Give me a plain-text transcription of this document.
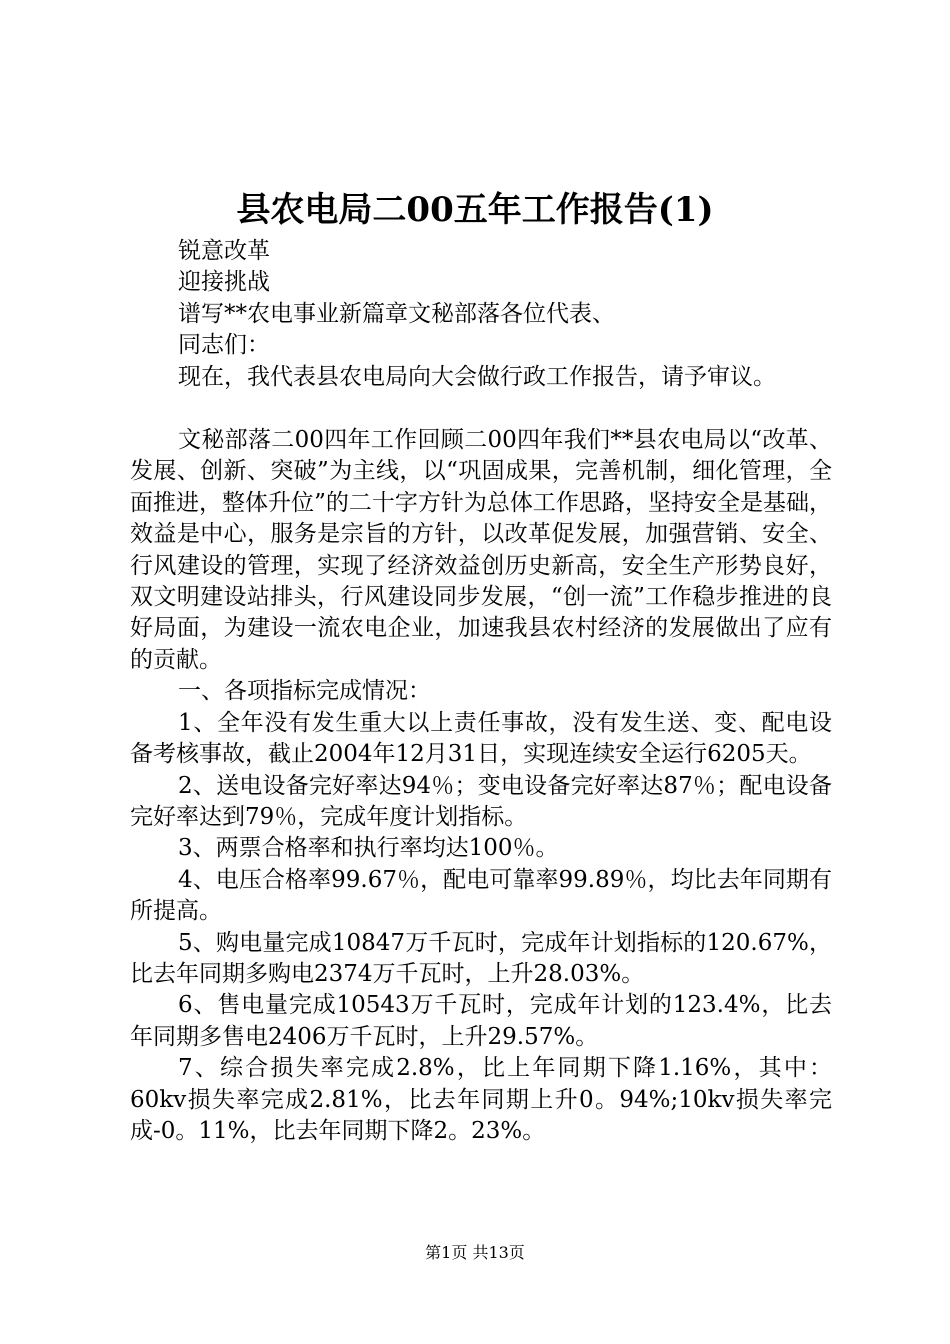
县农电局二00五年工作报告(1)

锐意改革

迎接挑战

谱写**农电事业新篇章文秘部落各位代表、

同志们：

现在，我代表县农电局向大会做行政工作报告，请予审议。

文秘部落二00四年工作回顾二00四年我们**县农电局以“改革、发展、创新、突破”为主线，以“巩固成果，完善机制，细化管理，全面推进，整体升位”的二十字方针为总体工作思路，坚持安全是基础，效益是中心，服务是宗旨的方针，以改革促发展，加强营销、安全、行风建设的管理，实现了经济效益创历史新高，安全生产形势良好，双文明建设站排头，行风建设同步发展，“创一流”工作稳步推进的良好局面，为建设一流农电企业，加速我县农村经济的发展做出了应有的贡献。

一、各项指标完成情况：

1、全年没有发生重大以上责任事故，没有发生送、变、配电设备考核事故，截止2004年12月31日，实现连续安全运行6205天。

2、送电设备完好率达94％；变电设备完好率达87％；配电设备完好率达到79％，完成年度计划指标。

3、两票合格率和执行率均达100％。

4、电压合格率99.67％，配电可靠率99.89％，均比去年同期有所提高。

5、购电量完成10847万千瓦时，完成年计划指标的120.67%，比去年同期多购电2374万千瓦时，上升28.03%。

6、售电量完成10543万千瓦时，完成年计划的123.4%，比去年同期多售电2406万千瓦时，上升29.57%。

7、综合损失率完成2.8%，比上年同期下降1.16%，其中：60kv损失率完成2.81%，比去年同期上升0。94%;10kv损失率完成-0。11%，比去年同期下降2。23%。

第1页 共13页
